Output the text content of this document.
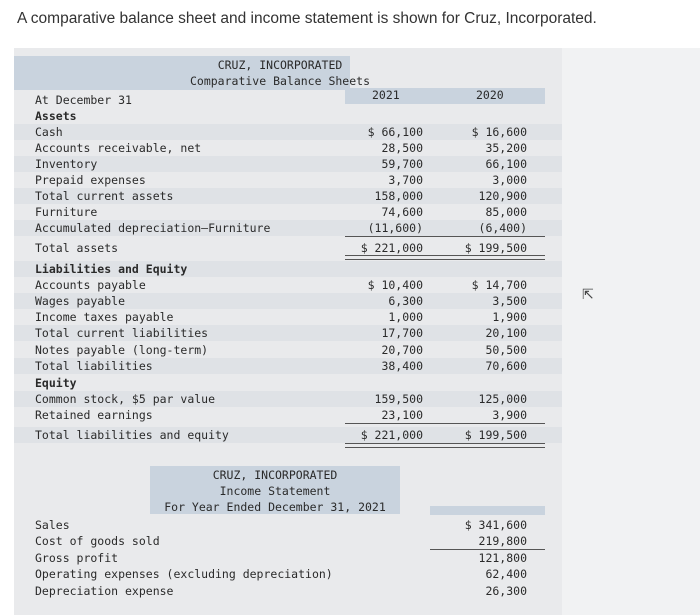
A comparative balance sheet and income statement is shown for Cruz, Incorporated.
CRUZ, INCORPORATED
Comparative Balance Sheets
At December 31	2021	2020
Assets
Cash	$ 66,100	$ 16,600
Accounts receivable, net	28,500	35,200
Inventory	59,700	66,100
Prepaid expenses	3,700	3,000
Total current assets	158,000	120,900
Furniture	74,600	85,000
Accumulated depreciation—Furniture	(11,600)	(6,400)
Total assets	$ 221,000	$ 199,500
Liabilities and Equity
Accounts payable	$ 10,400	$ 14,700
Wages payable	6,300	3,500
Income taxes payable	1,000	1,900
Total current liabilities	17,700	20,100
Notes payable (long-term)	20,700	50,500
Total liabilities	38,400	70,600
Equity
Common stock, $5 par value	159,500	125,000
Retained earnings	23,100	3,900
Total liabilities and equity	$ 221,000	$ 199,500
CRUZ, INCORPORATED
Income Statement
For Year Ended December 31, 2021
Sales	$ 341,600
Cost of goods sold	219,800
Gross profit	121,800
Operating expenses (excluding depreciation)	62,400
Depreciation expense	26,300
⇱
